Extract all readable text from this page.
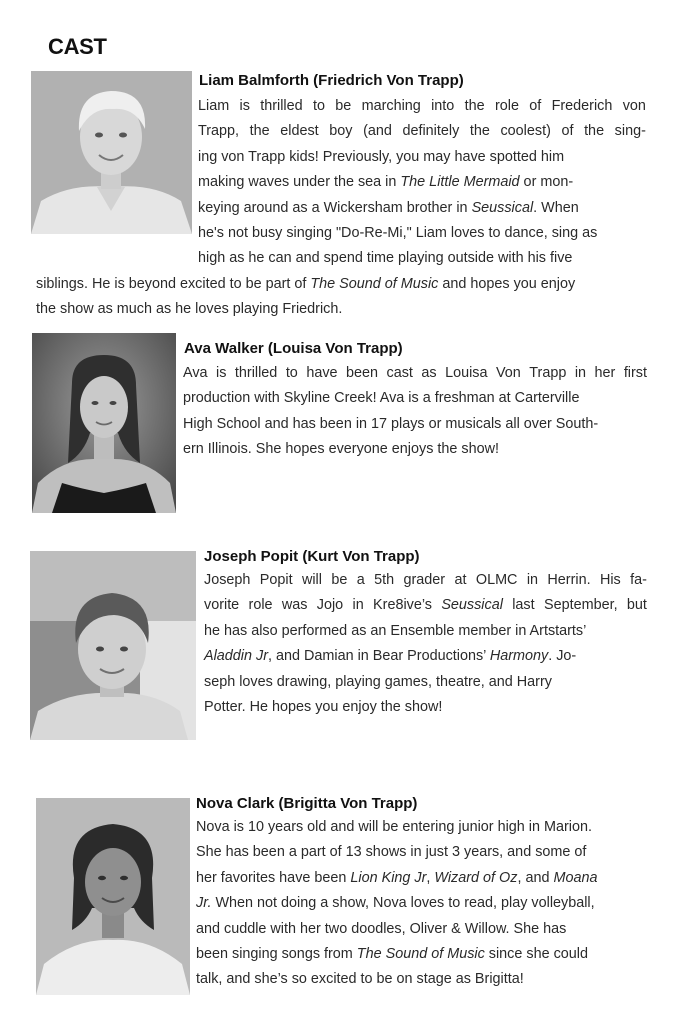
CAST
Liam Balmforth (Friedrich Von Trapp)
Liam is thrilled to be marching into the role of Frederich von
Trapp, the eldest boy (and definitely the coolest) of the sing-
ing von Trapp kids! Previously, you may have spotted him
making waves under the sea in The Little Mermaid or mon-
keying around as a Wickersham brother in Seussical. When
he's not busy singing "Do-Re-Mi," Liam loves to dance, sing as
high as he can and spend time playing outside with his five
siblings. He is beyond excited to be part of The Sound of Music and hopes you enjoy
the show as much as he loves playing Friedrich.
Ava Walker (Louisa Von Trapp)
Ava is thrilled to have been cast as Louisa Von Trapp in her first
production with Skyline Creek! Ava is a freshman at Carterville
High School and has been in 17 plays or musicals all over South-
ern Illinois. She hopes everyone enjoys the show!
Joseph Popit (Kurt Von Trapp)
Joseph Popit will be a 5th grader at OLMC in Herrin. His fa-
vorite role was Jojo in Kre8ive’s Seussical last September, but
he has also performed as an Ensemble member in Artstarts’
Aladdin Jr, and Damian in Bear Productions’ Harmony. Jo-
seph loves drawing, playing games, theatre, and Harry
Potter. He hopes you enjoy the show!
Nova Clark (Brigitta Von Trapp)
Nova is 10 years old and will be entering junior high in Marion.
She has been a part of 13 shows in just 3 years, and some of
her favorites have been Lion King Jr, Wizard of Oz, and Moana
Jr. When not doing a show, Nova loves to read, play volleyball,
and cuddle with her two doodles, Oliver & Willow. She has
been singing songs from The Sound of Music since she could
talk, and she’s so excited to be on stage as Brigitta!
